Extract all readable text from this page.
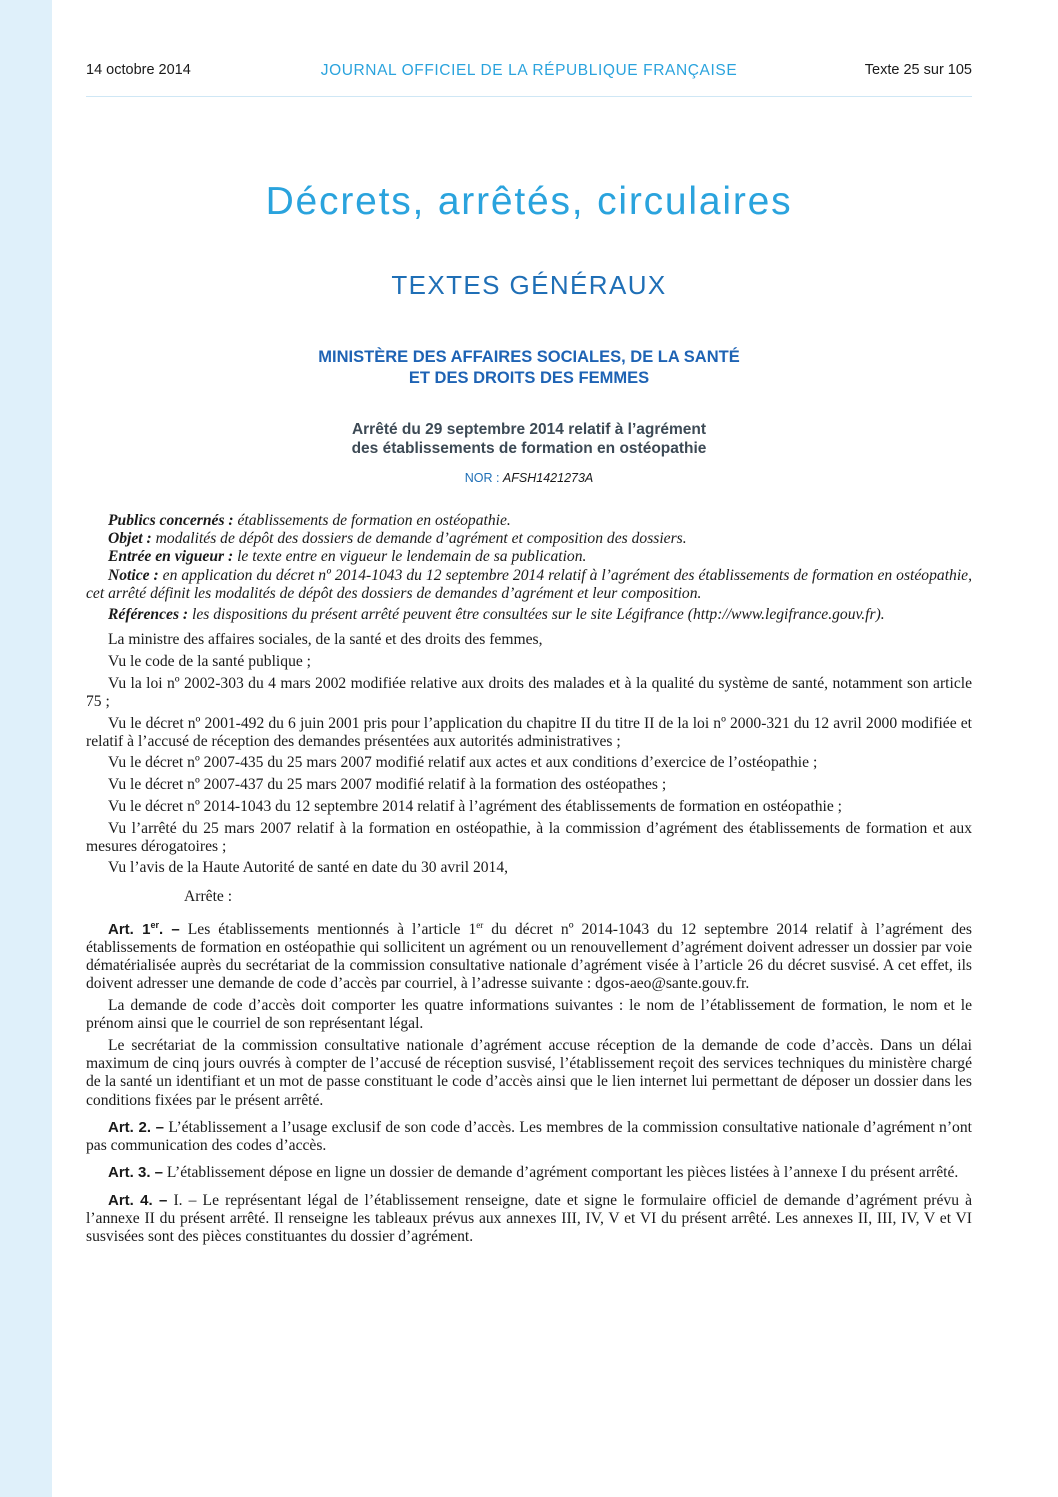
14 octobre 2014	JOURNAL OFFICIEL DE LA RÉPUBLIQUE FRANÇAISE	Texte 25 sur 105
Décrets, arrêtés, circulaires
TEXTES GÉNÉRAUX
MINISTÈRE DES AFFAIRES SOCIALES, DE LA SANTÉ
ET DES DROITS DES FEMMES
Arrêté du 29 septembre 2014 relatif à l’agrément
des établissements de formation en ostéopathie
NOR : AFSH1421273A

Publics concernés : établissements de formation en ostéopathie.

Objet : modalités de dépôt des dossiers de demande d’agrément et composition des dossiers.

Entrée en vigueur : le texte entre en vigueur le lendemain de sa publication.

Notice : en application du décret nº 2014-1043 du 12 septembre 2014 relatif à l’agrément des établissements de formation en ostéopathie, cet arrêté définit les modalités de dépôt des dossiers de demandes d’agrément et leur composition.

Références : les dispositions du présent arrêté peuvent être consultées sur le site Légifrance (http://www.legifrance.gouv.fr).

La ministre des affaires sociales, de la santé et des droits des femmes,

Vu le code de la santé publique ;

Vu la loi nº 2002-303 du 4 mars 2002 modifiée relative aux droits des malades et à la qualité du système de santé, notamment son article 75 ;

Vu le décret nº 2001-492 du 6 juin 2001 pris pour l’application du chapitre II du titre II de la loi nº 2000-321 du 12 avril 2000 modifiée et relatif à l’accusé de réception des demandes présentées aux autorités administratives ;

Vu le décret nº 2007-435 du 25 mars 2007 modifié relatif aux actes et aux conditions d’exercice de l’ostéopathie ;

Vu le décret nº 2007-437 du 25 mars 2007 modifié relatif à la formation des ostéopathes ;

Vu le décret nº 2014-1043 du 12 septembre 2014 relatif à l’agrément des établissements de formation en ostéopathie ;

Vu l’arrêté du 25 mars 2007 relatif à la formation en ostéopathie, à la commission d’agrément des établissements de formation et aux mesures dérogatoires ;

Vu l’avis de la Haute Autorité de santé en date du 30 avril 2014,

Arrête :

Art. 1er. – Les établissements mentionnés à l’article 1er du décret nº 2014-1043 du 12 septembre 2014 relatif à l’agrément des établissements de formation en ostéopathie qui sollicitent un agrément ou un renouvellement d’agrément doivent adresser un dossier par voie dématérialisée auprès du secrétariat de la commission consultative nationale d’agrément visée à l’article 26 du décret susvisé. A cet effet, ils doivent adresser une demande de code d’accès par courriel, à l’adresse suivante : dgos-aeo@sante.gouv.fr.

La demande de code d’accès doit comporter les quatre informations suivantes : le nom de l’établissement de formation, le nom et le prénom ainsi que le courriel de son représentant légal.

Le secrétariat de la commission consultative nationale d’agrément accuse réception de la demande de code d’accès. Dans un délai maximum de cinq jours ouvrés à compter de l’accusé de réception susvisé, l’établissement reçoit des services techniques du ministère chargé de la santé un identifiant et un mot de passe constituant le code d’accès ainsi que le lien internet lui permettant de déposer un dossier dans les conditions fixées par le présent arrêté.

Art. 2. – L’établissement a l’usage exclusif de son code d’accès. Les membres de la commission consultative nationale d’agrément n’ont pas communication des codes d’accès.

Art. 3. – L’établissement dépose en ligne un dossier de demande d’agrément comportant les pièces listées à l’annexe I du présent arrêté.

Art. 4. – I. – Le représentant légal de l’établissement renseigne, date et signe le formulaire officiel de demande d’agrément prévu à l’annexe II du présent arrêté. Il renseigne les tableaux prévus aux annexes III, IV, V et VI du présent arrêté. Les annexes II, III, IV, V et VI susvisées sont des pièces constituantes du dossier d’agrément.
